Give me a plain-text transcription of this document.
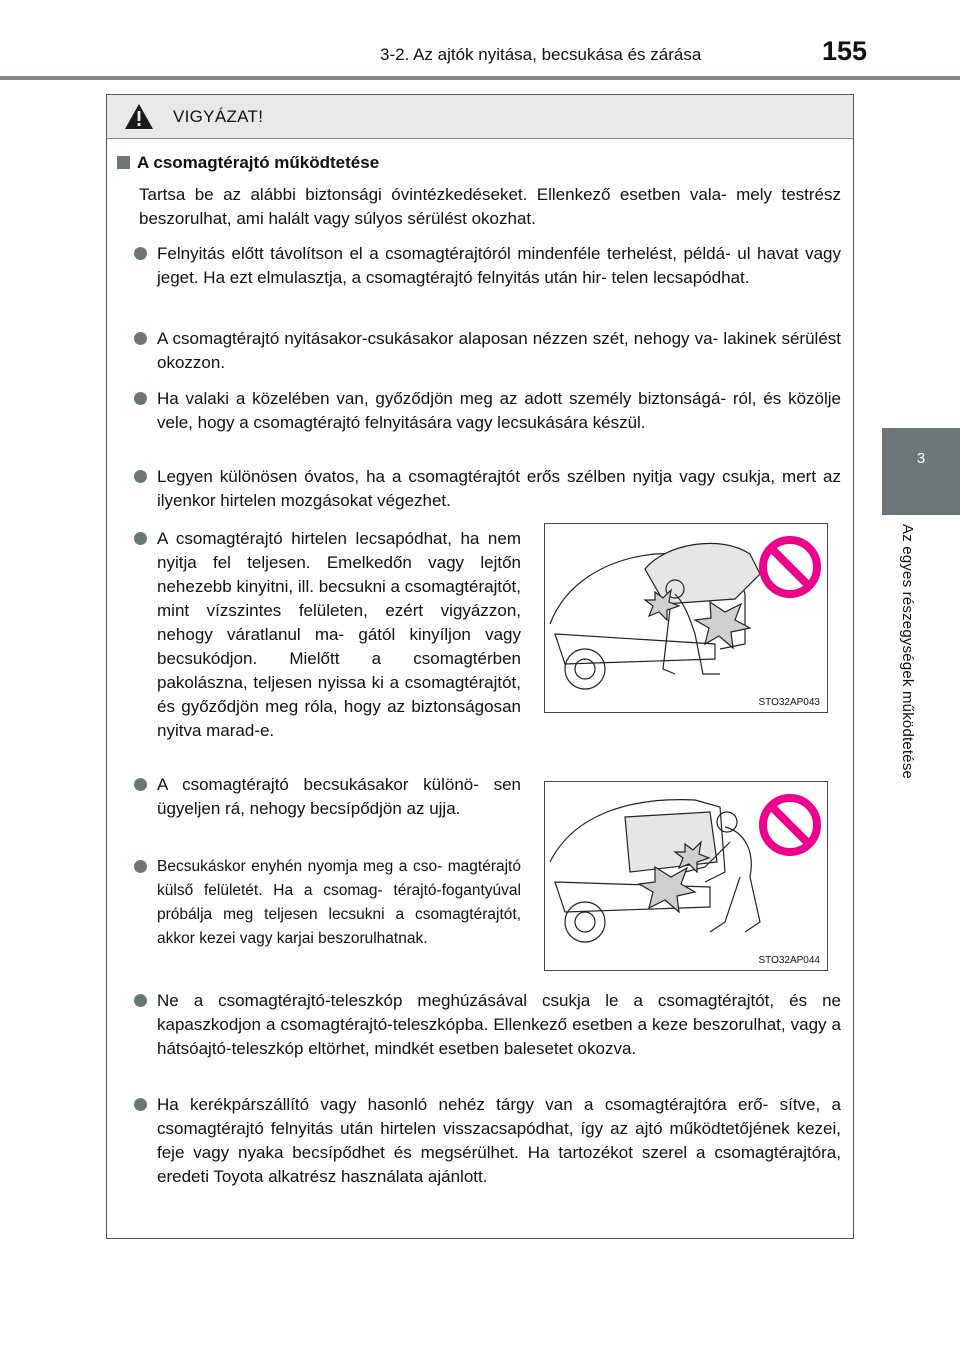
3-2. Az ajtók nyitása, becsukása és zárása	155
3
Az egyes részegységek működtetése
VIGYÁZAT!
A csomagtérajtó működtetése

Tartsa be az alábbi biztonsági óvintézkedéseket. Ellenkező esetben vala- mely testrész beszorulhat, ami halált vagy súlyos sérülést okozhat.

Felnyitás előtt távolítson el a csomagtérajtóról mindenféle terhelést, példá- ul havat vagy jeget. Ha ezt elmulasztja, a csomagtérajtó felnyitás után hir- telen lecsapódhat.
A csomagtérajtó nyitásakor-csukásakor alaposan nézzen szét, nehogy va- lakinek sérülést okozzon.
Ha valaki a közelében van, győződjön meg az adott személy biztonságá- ról, és közölje vele, hogy a csomagtérajtó felnyitására vagy lecsukására készül.
Legyen különösen óvatos, ha a csomagtérajtót erős szélben nyitja vagy csukja, mert az ilyenkor hirtelen mozgásokat végezhet.
A csomagtérajtó hirtelen lecsapódhat, ha nem nyitja fel teljesen. Emelkedőn vagy lejtőn nehezebb kinyitni, ill. becsukni a csomagtérajtót, mint vízszintes felületen, ezért vigyázzon, nehogy váratlanul ma- gától kinyíljon vagy becsukódjon. Mielőtt a csomagtérben pakolászna, teljesen nyissa ki a csomagtérajtót, és győződjön meg róla, hogy az biztonságosan nyitva marad-e.
STO32AP043
A csomagtérajtó becsukásakor különö- sen ügyeljen rá, nehogy becsípődjön az ujja.
Becsukáskor enyhén nyomja meg a cso- magtérajtó külső felületét. Ha a csomag- térajtó-fogantyúval próbálja meg teljesen lecsukni a csomagtérajtót, akkor kezei vagy karjai beszorulhatnak.
STO32AP044
Ne a csomagtérajtó-teleszkóp meghúzásával csukja le a csomagtérajtót, és ne kapaszkodjon a csomagtérajtó-teleszkópba. Ellenkező esetben a keze beszorulhat, vagy a hátsóajtó-teleszkóp eltörhet, mindkét esetben balesetet okozva.
Ha kerékpárszállító vagy hasonló nehéz tárgy van a csomagtérajtóra erő- sítve, a csomagtérajtó felnyitás után hirtelen visszacsapódhat, így az ajtó működtetőjének kezei, feje vagy nyaka becsípődhet és megsérülhet. Ha tartozékot szerel a csomagtérajtóra, eredeti Toyota alkatrész használata ajánlott.
